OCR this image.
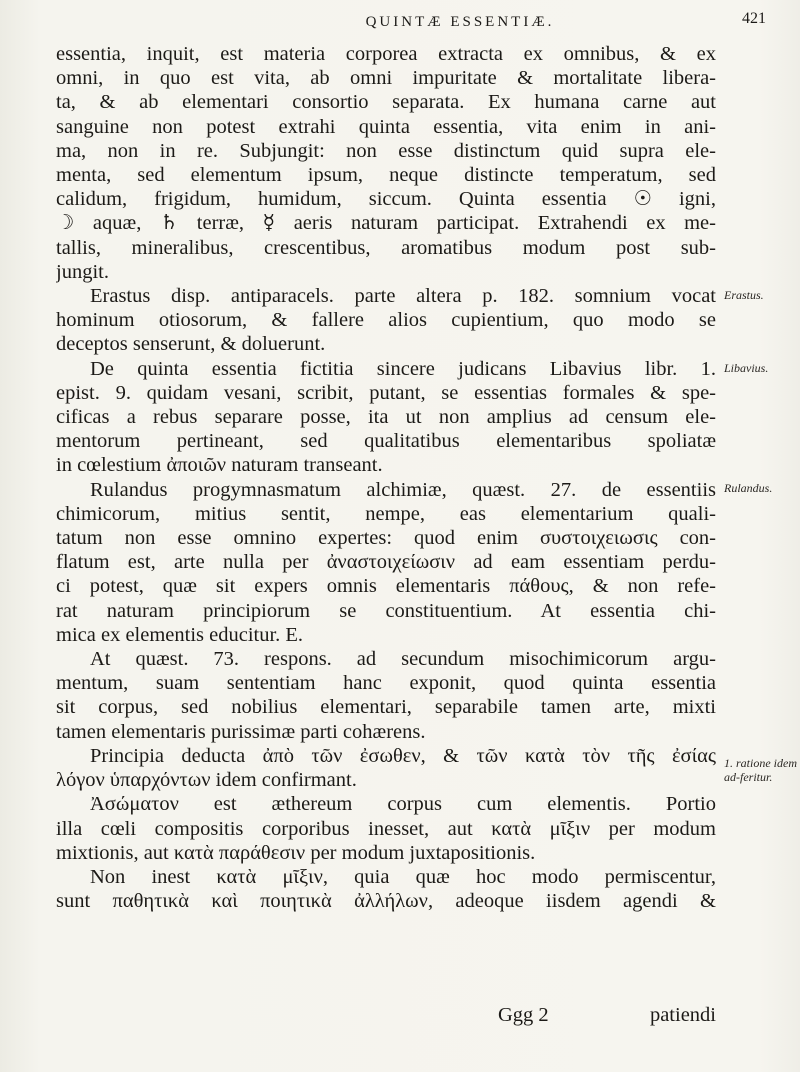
QUINTÆ ESSENTIÆ.	421
essentia, inquit, est materia corporea extracta ex omnibus, & ex
omni, in quo est vita, ab omni impuritate & mortalitate libera-
ta, & ab elementari consortio separata. Ex humana carne aut
sanguine non potest extrahi quinta essentia, vita enim in ani-
ma, non in re. Subjungit: non esse distinctum quid supra ele-
menta, sed elementum ipsum, neque distincte temperatum, sed
calidum, frigidum, humidum, siccum. Quinta essentia ☉ igni,
☽ aquæ, ♄ terræ, ☿ aeris naturam participat. Extrahendi ex me-
tallis, mineralibus, crescentibus, aromatibus modum post sub-
jungit.
Erastus disp. antiparacels. parte altera p. 182. somnium vocat
hominum otiosorum, & fallere alios cupientium, quo modo se
deceptos senserunt, & doluerunt.
De quinta essentia fictitia sincere judicans Libavius libr. 1.
epist. 9. quidam vesani, scribit, putant, se essentias formales & spe-
cificas a rebus separare posse, ita ut non amplius ad censum ele-
mentorum pertineant, sed qualitatibus elementaribus spoliatæ
in cœlestium ἀποιῶν naturam transeant.
Rulandus progymnasmatum alchimiæ, quæst. 27. de essentiis
chimicorum, mitius sentit, nempe, eas elementarium quali-
tatum non esse omnino expertes: quod enim συστοιχειωσις con-
flatum est, arte nulla per ἀναστοιχείωσιν ad eam essentiam perdu-
ci potest, quæ sit expers omnis elementaris πάθους, & non refe-
rat naturam principiorum se constituentium. At essentia chi-
mica ex elementis educitur. E.
At quæst. 73. respons. ad secundum misochimicorum argu-
mentum, suam sententiam hanc exponit, quod quinta essentia
sit corpus, sed nobilius elementari, separabile tamen arte, mixti
tamen elementaris purissimæ parti cohærens.
Principia deducta ἀπὸ τῶν ἐσωθεν, & τῶν κατὰ τὸν τῆς ἐσίας
λόγον ὑπαρχόντων idem confirmant.
Ἀσώματον est æthereum corpus cum elementis. Portio
illa cœli compositis corporibus inesset, aut κατὰ μῖξιν per modum
mixtionis, aut κατὰ παράθεσιν per modum juxtapositionis.
Non inest κατὰ μῖξιν, quia quæ hoc modo permiscentur,
sunt παθητικὰ καὶ ποιητικὰ ἀλλήλων, adeoque iisdem agendi &
Ggg 2	patiendi
Erastus.
Libavius.
Rulandus.
1. ratione idem ad-feritur.
